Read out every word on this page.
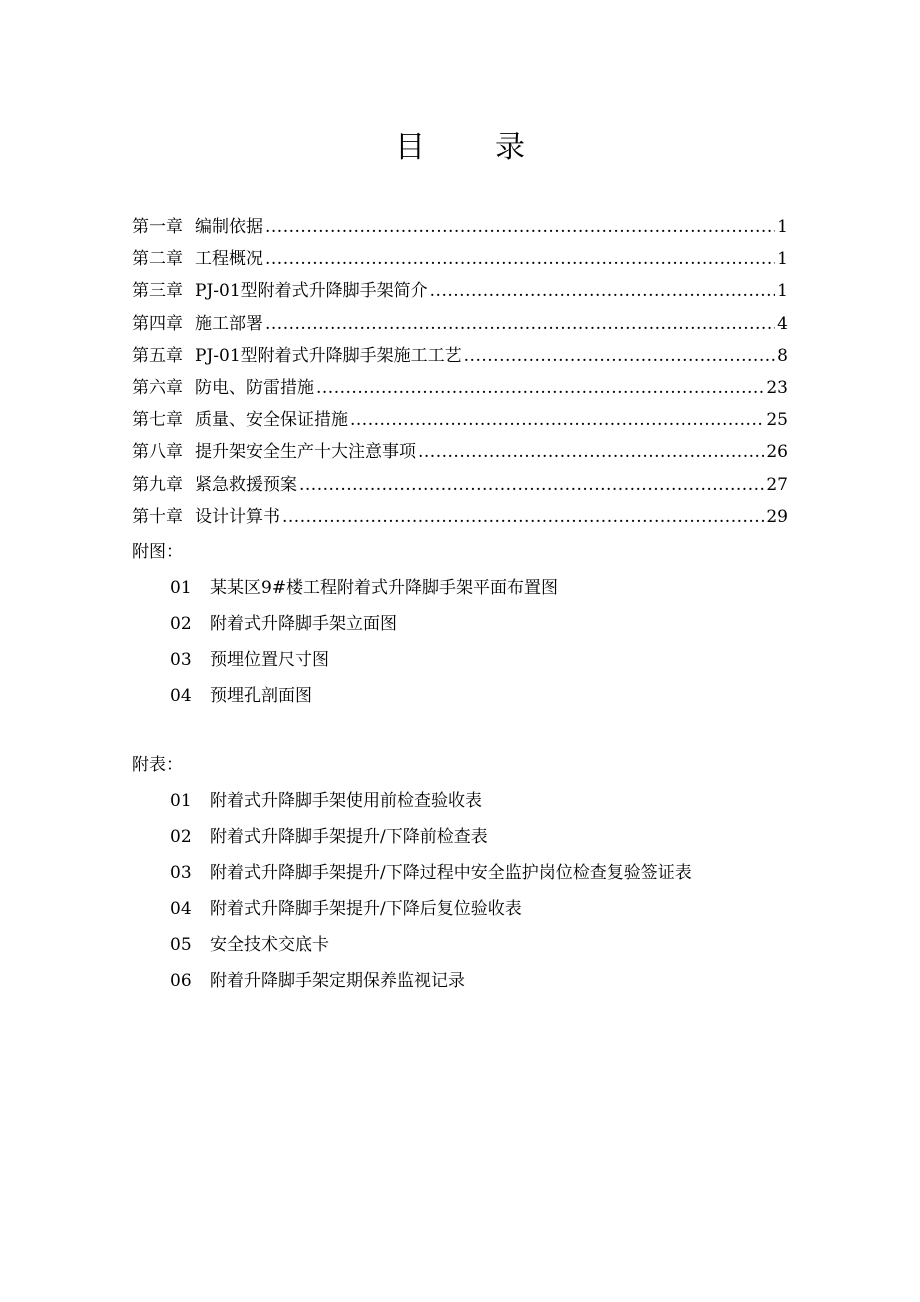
目 录
第一章 编制依据 .....	1
第二章 工程概况 .....	1
第三章 PJ-01型附着式升降脚手架简介 .....	1
第四章 施工部署 .....	4
第五章 PJ-01型附着式升降脚手架施工工艺 .....	8
第六章 防电、防雷措施 .....	23
第七章 质量、安全保证措施 .....	25
第八章 提升架安全生产十大注意事项 .....	26
第九章 紧急救援预案 .....	27
第十章 设计计算书 .....	29
附图：
01	某某区9#楼工程附着式升降脚手架平面布置图
02	附着式升降脚手架立面图
03	预埋位置尺寸图
04	预埋孔剖面图
附表：
01	附着式升降脚手架使用前检查验收表
02	附着式升降脚手架提升/下降前检查表
03	附着式升降脚手架提升/下降过程中安全监护岗位检查复验签证表
04	附着式升降脚手架提升/下降后复位验收表
05	安全技术交底卡
06	附着升降脚手架定期保养监视记录
